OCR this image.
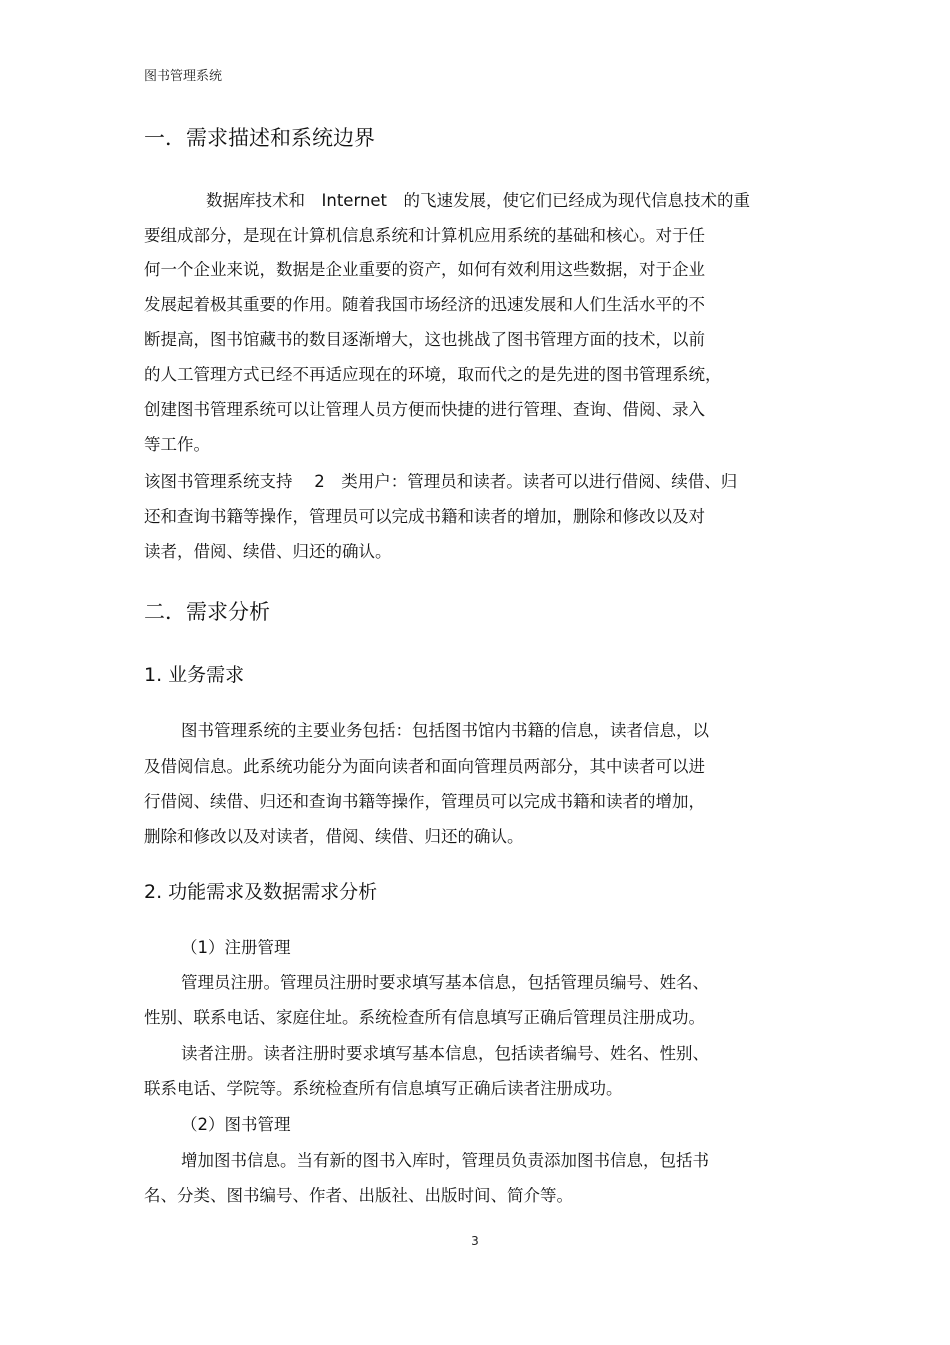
图书管理系统
一．需求描述和系统边界
数据库技术和　Internet　的飞速发展，使它们已经成为现代信息技术的重
要组成部分，是现在计算机信息系统和计算机应用系统的基础和核心。对于任
何一个企业来说，数据是企业重要的资产，如何有效利用这些数据，对于企业
发展起着极其重要的作用。随着我国市场经济的迅速发展和人们生活水平的不
断提高，图书馆藏书的数目逐渐增大，这也挑战了图书管理方面的技术，以前
的人工管理方式已经不再适应现在的环境，取而代之的是先进的图书管理系统，
创建图书管理系统可以让管理人员方便而快捷的进行管理、查询、借阅、录入
等工作。
该图书管理系统支持　 2　类用户：管理员和读者。读者可以进行借阅、续借、归
还和查询书籍等操作，管理员可以完成书籍和读者的增加，删除和修改以及对
读者，借阅、续借、归还的确认。
二．需求分析
1. 业务需求
图书管理系统的主要业务包括：包括图书馆内书籍的信息，读者信息，以
及借阅信息。此系统功能分为面向读者和面向管理员两部分，其中读者可以进
行借阅、续借、归还和查询书籍等操作，管理员可以完成书籍和读者的增加，
删除和修改以及对读者，借阅、续借、归还的确认。
2. 功能需求及数据需求分析
（1）注册管理
管理员注册。管理员注册时要求填写基本信息，包括管理员编号、姓名、
性别、联系电话、家庭住址。系统检查所有信息填写正确后管理员注册成功。
读者注册。读者注册时要求填写基本信息，包括读者编号、姓名、性别、
联系电话、学院等。系统检查所有信息填写正确后读者注册成功。
（2）图书管理
增加图书信息。当有新的图书入库时，管理员负责添加图书信息，包括书
名、分类、图书编号、作者、出版社、出版时间、简介等。
3
